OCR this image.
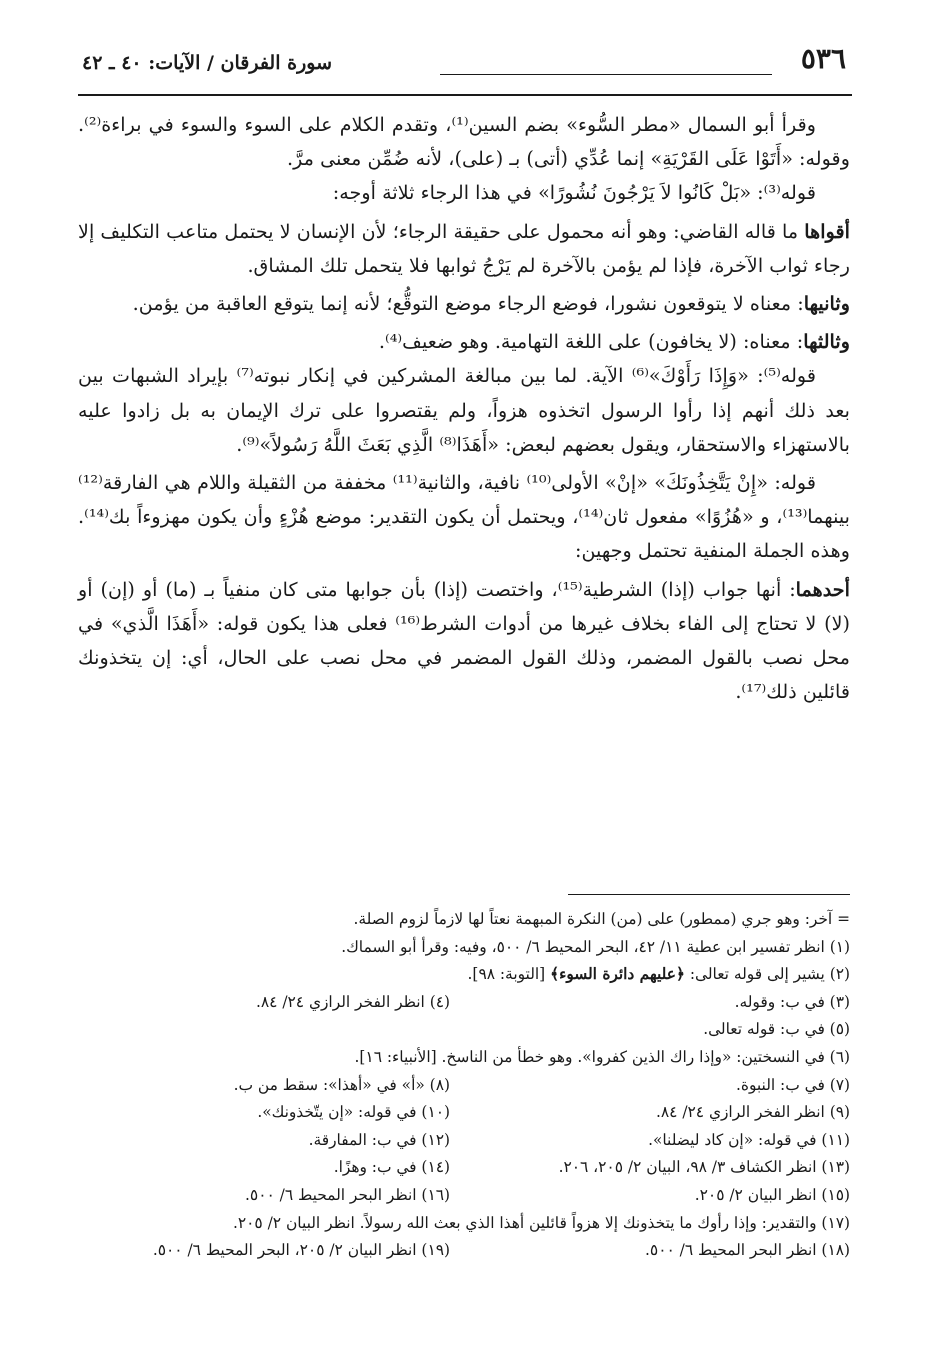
٥٣٦
سورة الفرقان / الآيات: ٤٠ ـ ٤٢

وقرأ أبو السمال «مطر السُّوء» بضم السين⁽¹⁾، وتقدم الكلام على السوء والسوء في براءة⁽²⁾. وقوله: «أَتَوْا عَلَى القَرْيَةِ» إنما عُدِّي (أتى) بـ (على)، لأنه ضُمِّن معنى مرَّ.

قوله⁽³⁾: «بَلْ كَانُوا لاَ يَرْجُونَ نُشُورًا» في هذا الرجاء ثلاثة أوجه:

أقواها ما قاله القاضي: وهو أنه محمول على حقيقة الرجاء؛ لأن الإنسان لا يحتمل متاعب التكليف إلا رجاء ثواب الآخرة، فإذا لم يؤمن بالآخرة لم يَرْجُ ثوابها فلا يتحمل تلك المشاق.

وثانيها: معناه لا يتوقعون نشورا، فوضع الرجاء موضع التوقُّع؛ لأنه إنما يتوقع العاقبة من يؤمن.

وثالثها: معناه: (لا يخافون) على اللغة التهامية. وهو ضعيف⁽⁴⁾.

قوله⁽⁵⁾: «وَإِذَا رَأَوْكَ»⁽⁶⁾ الآية. لما بين مبالغة المشركين في إنكار نبوته⁽⁷⁾ بإيراد الشبهات بين بعد ذلك أنهم إذا رأوا الرسول اتخذوه هزواً، ولم يقتصروا على ترك الإيمان به بل زادوا عليه بالاستهزاء والاستحقار، ويقول بعضهم لبعض: «أَهَذَا⁽⁸⁾ الَّذِي بَعَثَ اللَّهُ رَسُولاً»⁽⁹⁾.

قوله: «إِنْ يَتَّخِذُونَكَ» «إنْ» الأولى⁽¹⁰⁾ نافية، والثانية⁽¹¹⁾ مخففة من الثقيلة واللام هي الفارقة⁽¹²⁾ بينهما⁽¹³⁾، و «هُزُوًا» مفعول ثان⁽¹⁴⁾، ويحتمل أن يكون التقدير: موضع هُزْءٍ وأن يكون مهزوءاً بك⁽¹⁴⁾. وهذه الجملة المنفية تحتمل وجهين:

أحدهما: أنها جواب (إذا) الشرطية⁽¹⁵⁾، واختصت (إذا) بأن جوابها متى كان منفياً بـ (ما) أو (إن) أو (لا) لا تحتاج إلى الفاء بخلاف غيرها من أدوات الشرط⁽¹⁶⁾ فعلى هذا يكون قوله: «أَهَذَا الَّذي» في محل نصب بالقول المضمر، وذلك القول المضمر في محل نصب على الحال، أي: إن يتخذونك قائلين ذلك⁽¹⁷⁾.

= آخر: وهو جري (ممطور) على (من) النكرة المبهمة نعتاً لها لازماً لزوم الصلة.

(١) انظر تفسير ابن عطية ١١/ ٤٢، البحر المحيط ٦/ ٥٠٠، وفيه: وقرأ أبو السماك.

(٢) يشير إلى قوله تعالى: ﴿عليهم دائرة السوء﴾ [التوبة: ٩٨].

(٣) في ب: وقوله.
(٤) انظر الفخر الرازي ٢٤/ ٨٤.

(٥) في ب: قوله تعالى.

(٦) في النسختين: «وإذا راك الذين كفروا». وهو خطأ من الناسخ. [الأنبياء: ١٦].

(٧) في ب: النبوة.
(٨) «أ» في «أهذا»: سقط من ب.
(٩) انظر الفخر الرازي ٢٤/ ٨٤.
(١٠) في قوله: «إن يتّخذونك».
(١١) في قوله: «إن كاد ليضلنا».
(١٢) في ب: المفارقة.
(١٣) انظر الكشاف ٣/ ٩٨، البيان ٢/ ٢٠٥، ٢٠٦.
(١٤) في ب: وهزًا.
(١٥) انظر البيان ٢/ ٢٠٥.
(١٦) انظر البحر المحيط ٦/ ٥٠٠.

(١٧) والتقدير: وإذا رأوك ما يتخذونك إلا هزواً قائلين أهذا الذي بعث الله رسولاً. انظر البيان ٢/ ٢٠٥.

(١٨) انظر البحر المحيط ٦/ ٥٠٠.
(١٩) انظر البيان ٢/ ٢٠٥، البحر المحيط ٦/ ٥٠٠.
